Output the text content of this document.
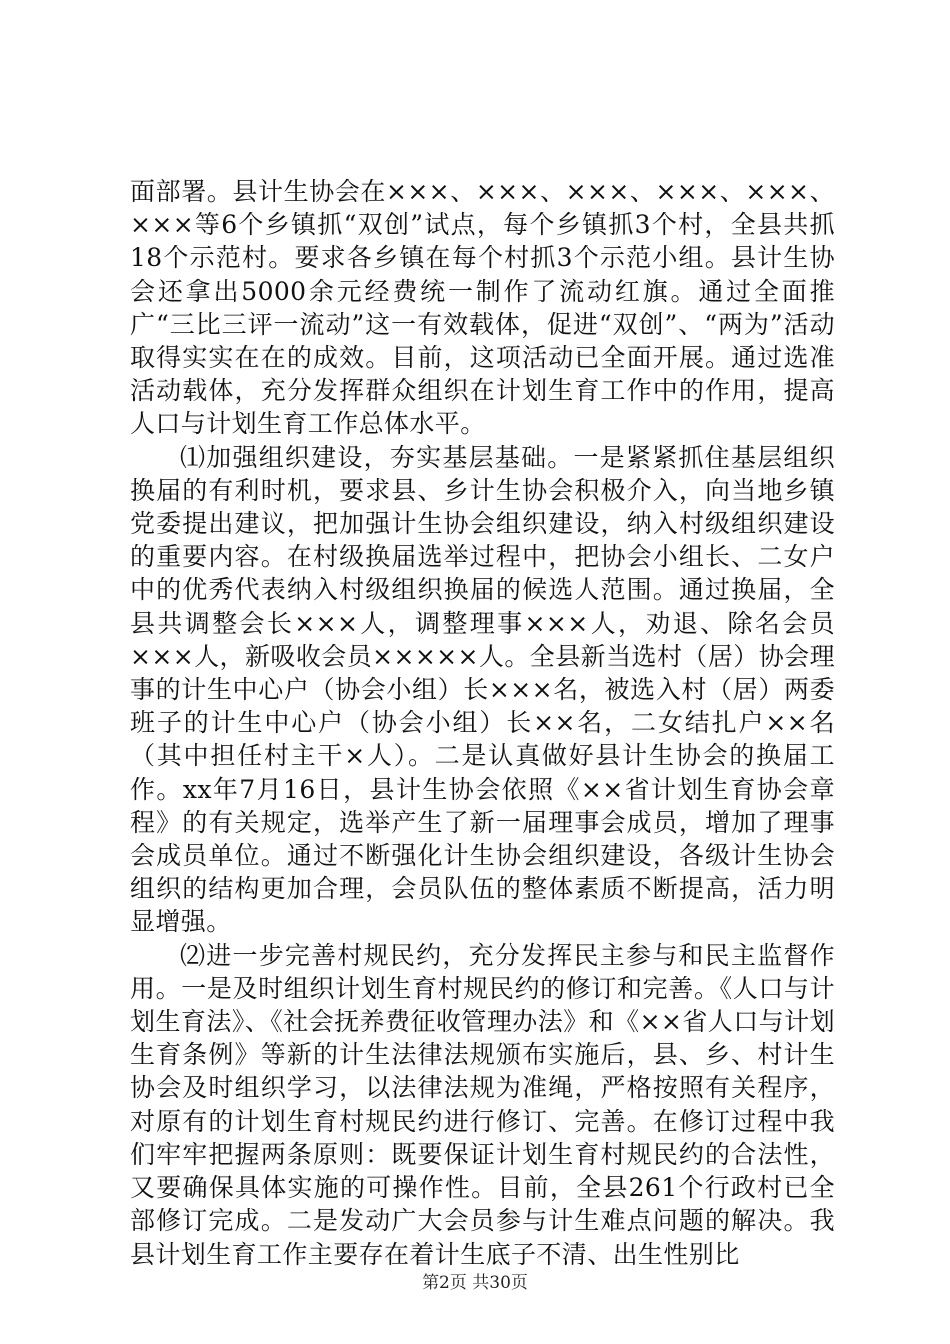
面部署。县计生协会在×××、×××、×××、×××、×××、×××等6个乡镇抓“双创”试点，每个乡镇抓3个村，全县共抓18个示范村。要求各乡镇在每个村抓3个示范小组。县计生协会还拿出5000余元经费统一制作了流动红旗。通过全面推广“三比三评一流动”这一有效载体，促进“双创”、“两为”活动取得实实在在的成效。目前，这项活动已全面开展。通过选准活动载体，充分发挥群众组织在计划生育工作中的作用，提高人口与计划生育工作总体水平。

⑴加强组织建设，夯实基层基础。一是紧紧抓住基层组织换届的有利时机，要求县、乡计生协会积极介入，向当地乡镇党委提出建议，把加强计生协会组织建设，纳入村级组织建设的重要内容。在村级换届选举过程中，把协会小组长、二女户中的优秀代表纳入村级组织换届的候选人范围。通过换届，全县共调整会长×××人，调整理事×××人，劝退、除名会员×××人，新吸收会员×××××人。全县新当选村（居）协会理事的计生中心户（协会小组）长×××名，被选入村（居）两委班子的计生中心户（协会小组）长××名，二女结扎户××名（其中担任村主干×人）。二是认真做好县计生协会的换届工作。xx年7月16日，县计生协会依照《××省计划生育协会章程》的有关规定，选举产生了新一届理事会成员，增加了理事会成员单位。通过不断强化计生协会组织建设，各级计生协会组织的结构更加合理，会员队伍的整体素质不断提高，活力明显增强。

⑵进一步完善村规民约，充分发挥民主参与和民主监督作用。一是及时组织计划生育村规民约的修订和完善。《人口与计划生育法》、《社会抚养费征收管理办法》和《××省人口与计划生育条例》等新的计生法律法规颁布实施后，县、乡、村计生协会及时组织学习，以法律法规为准绳，严格按照有关程序，对原有的计划生育村规民约进行修订、完善。在修订过程中我们牢牢把握两条原则：既要保证计划生育村规民约的合法性，又要确保具体实施的可操作性。目前，全县261个行政村已全部修订完成。二是发动广大会员参与计生难点问题的解决。我县计划生育工作主要存在着计生底子不清、出生性别比

第2页 共30页
